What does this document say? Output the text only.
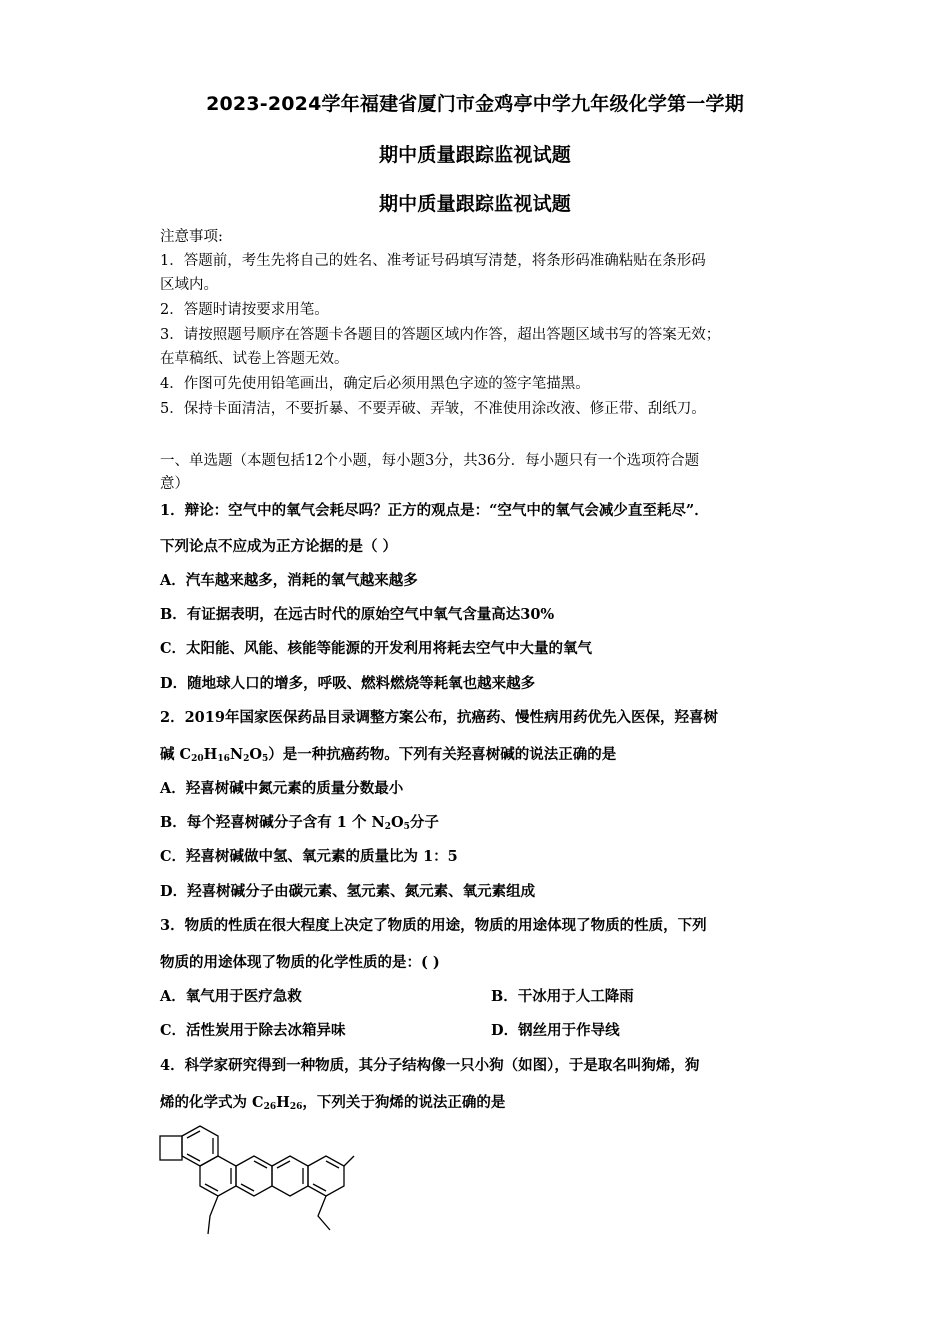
2023-2024学年福建省厦门市金鸡亭中学九年级化学第一学期
期中质量跟踪监视试题
期中质量跟踪监视试题
注意事项:
1．答题前，考生先将自己的姓名、准考证号码填写清楚，将条形码准确粘贴在条形码
区域内。
2．答题时请按要求用笔。
3．请按照题号顺序在答题卡各题目的答题区域内作答，超出答题区域书写的答案无效；
在草稿纸、试卷上答题无效。
4．作图可先使用铅笔画出，确定后必须用黑色字迹的签字笔描黑。
5．保持卡面清洁，不要折暴、不要弄破、弄皱，不准使用涂改液、修正带、刮纸刀。
一、单选题（本题包括12个小题，每小题3分，共36分．每小题只有一个选项符合题
意）
1．辩论：空气中的氧气会耗尽吗？正方的观点是：“空气中的氧气会减少直至耗尽”．
下列论点不应成为正方论据的是（ ）
A．汽车越来越多，消耗的氧气越来越多
B．有证据表明，在远古时代的原始空气中氧气含量高达30%
C．太阳能、风能、核能等能源的开发利用将耗去空气中大量的氧气
D．随地球人口的增多，呼吸、燃料燃烧等耗氧也越来越多
2．2019年国家医保药品目录调整方案公布，抗癌药、慢性病用药优先入医保，羟喜树
碱 $C_{20}H_{16}N_2O_5$）是一种抗癌药物。下列有关羟喜树碱的说法正确的是
A．羟喜树碱中氮元素的质量分数最小
B．每个羟喜树碱分子含有 1 个 $N_2O_5$分子
C．羟喜树碱做中氢、氧元素的质量比为 1：5
D．羟喜树碱分子由碳元素、氢元素、氮元素、氧元素组成
3．物质的性质在很大程度上决定了物质的用途，物质的用途体现了物质的性质，下列
物质的用途体现了物质的化学性质的是：( )
A．氧气用于医疗急救	B．干冰用于人工降雨
C．活性炭用于除去冰箱异味	D．钢丝用于作导线
4．科学家研究得到一种物质，其分子结构像一只小狗（如图），于是取名叫狗烯，狗
烯的化学式为 $C_{26}H_{26}$，下列关于狗烯的说法正确的是
